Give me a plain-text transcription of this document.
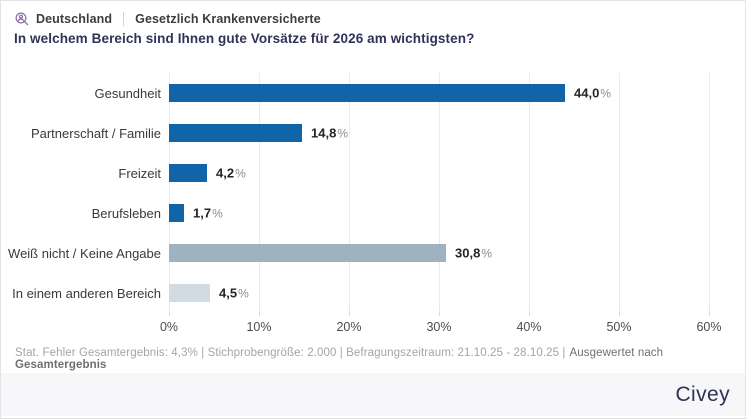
Deutschland Gesetzlich Krankenversicherte
In welchem Bereich sind Ihnen gute Vorsätze für 2026 am wichtigsten?
Gesundheit	44,0%
Partnerschaft / Familie	14,8%
Freizeit	4,2%
Berufsleben	1,7%
Weiß nicht / Keine Angabe	30,8%
In einem anderen Bereich	4,5%
0%	10%	20%	30%	40%	50%	60%

Stat. Fehler Gesamtergebnis: 4,3% | Stichprobengröße: 2.000 | Befragungszeitraum: 21.10.25 - 28.10.25 | Ausgewertet nach Gesamtergebnis

Civey
